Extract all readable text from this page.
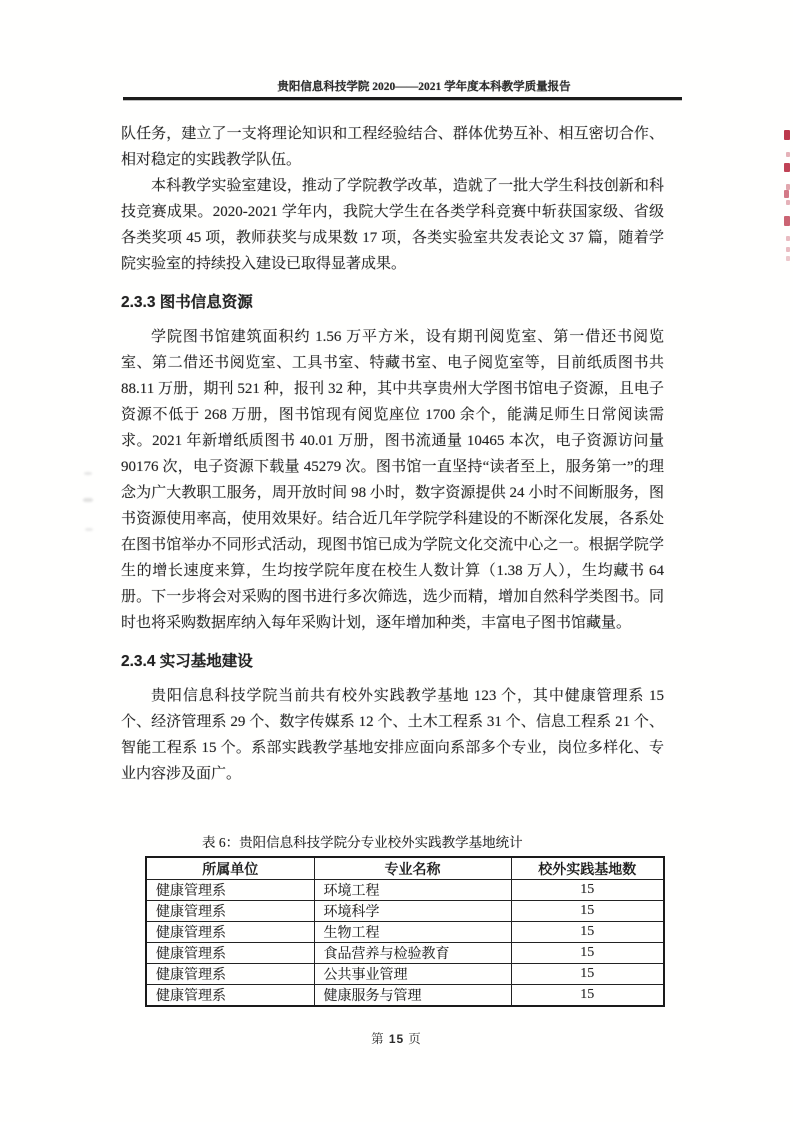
贵阳信息科技学院 2020——2021 学年度本科教学质量报告

队任务，建立了一支将理论知识和工程经验结合、群体优势互补、相互密切合作、相对稳定的实践教学队伍。

本科教学实验室建设，推动了学院教学改革，造就了一批大学生科技创新和科技竞赛成果。2020-2021 学年内，我院大学生在各类学科竞赛中斩获国家级、省级各类奖项 45 项，教师获奖与成果数 17 项，各类实验室共发表论文 37 篇，随着学院实验室的持续投入建设已取得显著成果。

2.3.3 图书信息资源

学院图书馆建筑面积约 1.56 万平方米，设有期刊阅览室、第一借还书阅览室、第二借还书阅览室、工具书室、特藏书室、电子阅览室等，目前纸质图书共 88.11 万册，期刊 521 种，报刊 32 种，其中共享贵州大学图书馆电子资源，且电子资源不低于 268 万册，图书馆现有阅览座位 1700 余个，能满足师生日常阅读需求。2021 年新增纸质图书 40.01 万册，图书流通量 10465 本次，电子资源访问量 90176 次，电子资源下载量 45279 次。图书馆一直坚持“读者至上，服务第一”的理念为广大教职工服务，周开放时间 98 小时，数字资源提供 24 小时不间断服务，图书资源使用率高，使用效果好。结合近几年学院学科建设的不断深化发展，各系处在图书馆举办不同形式活动，现图书馆已成为学院文化交流中心之一。根据学院学生的增长速度来算，生均按学院年度在校生人数计算（1.38 万人），生均藏书 64 册。下一步将会对采购的图书进行多次筛选，选少而精，增加自然科学类图书。同时也将采购数据库纳入每年采购计划，逐年增加种类，丰富电子图书馆藏量。

2.3.4 实习基地建设

贵阳信息科技学院当前共有校外实践教学基地 123 个，其中健康管理系 15 个、经济管理系 29 个、数字传媒系 12 个、土木工程系 31 个、信息工程系 21 个、智能工程系 15 个。系部实践教学基地安排应面向系部多个专业，岗位多样化、专业内容涉及面广。

表 6：贵阳信息科技学院分专业校外实践教学基地统计
所属单位	专业名称	校外实践基地数
健康管理系	环境工程	15
健康管理系	环境科学	15
健康管理系	生物工程	15
健康管理系	食品营养与检验教育	15
健康管理系	公共事业管理	15
健康管理系	健康服务与管理	15
第 15 页
